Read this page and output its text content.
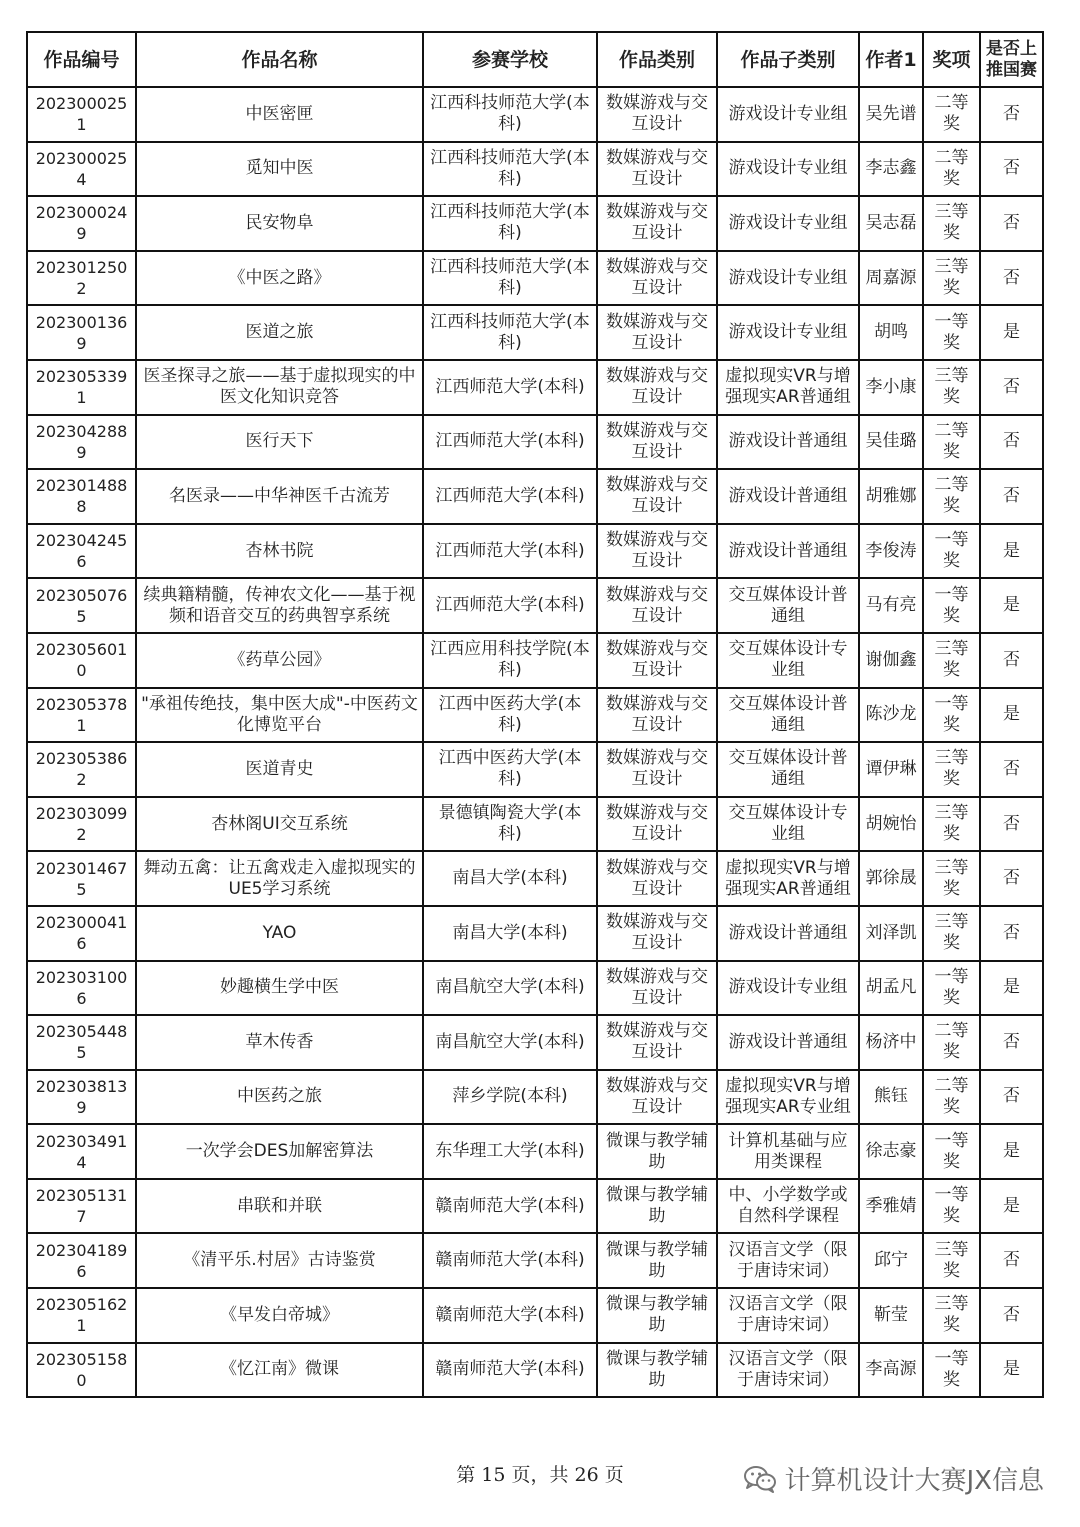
作品编号	作品名称	参赛学校	作品类别	作品子类别	作者1	奖项	是否上推国赛
2023000251	中医密匣	江西科技师范大学(本科)	数媒游戏与交互设计	游戏设计专业组	吴先谱	二等奖	否
2023000254	觅知中医	江西科技师范大学(本科)	数媒游戏与交互设计	游戏设计专业组	李志鑫	二等奖	否
2023000249	民安物阜	江西科技师范大学(本科)	数媒游戏与交互设计	游戏设计专业组	吴志磊	三等奖	否
2023012502	《中医之路》	江西科技师范大学(本科)	数媒游戏与交互设计	游戏设计专业组	周嘉源	三等奖	否
2023001369	医道之旅	江西科技师范大学(本科)	数媒游戏与交互设计	游戏设计专业组	胡鸣	一等奖	是
2023053391	医圣探寻之旅——基于虚拟现实的中医文化知识竞答	江西师范大学(本科)	数媒游戏与交互设计	虚拟现实VR与增强现实AR普通组	李小康	三等奖	否
2023042889	医行天下	江西师范大学(本科)	数媒游戏与交互设计	游戏设计普通组	吴佳璐	二等奖	否
2023014888	名医录——中华神医千古流芳	江西师范大学(本科)	数媒游戏与交互设计	游戏设计普通组	胡雅娜	二等奖	否
2023042456	杏林书院	江西师范大学(本科)	数媒游戏与交互设计	游戏设计普通组	李俊涛	一等奖	是
2023050765	续典籍精髓，传神农文化——基于视频和语音交互的药典智享系统	江西师范大学(本科)	数媒游戏与交互设计	交互媒体设计普通组	马有亮	一等奖	是
2023056010	《药草公园》	江西应用科技学院(本科)	数媒游戏与交互设计	交互媒体设计专业组	谢伽鑫	三等奖	否
2023053781	"承祖传绝技，集中医大成"-中医药文化博览平台	江西中医药大学(本科)	数媒游戏与交互设计	交互媒体设计普通组	陈沙龙	一等奖	是
2023053862	医道青史	江西中医药大学(本科)	数媒游戏与交互设计	交互媒体设计普通组	谭伊琳	三等奖	否
2023030992	杏林阁UI交互系统	景德镇陶瓷大学(本科)	数媒游戏与交互设计	交互媒体设计专业组	胡婉怡	三等奖	否
2023014675	舞动五禽：让五禽戏走入虚拟现实的UE5学习系统	南昌大学(本科)	数媒游戏与交互设计	虚拟现实VR与增强现实AR普通组	郭徐晟	三等奖	否
2023000416	YAO	南昌大学(本科)	数媒游戏与交互设计	游戏设计普通组	刘泽凯	三等奖	否
2023031006	妙趣横生学中医	南昌航空大学(本科)	数媒游戏与交互设计	游戏设计专业组	胡孟凡	一等奖	是
2023054485	草木传香	南昌航空大学(本科)	数媒游戏与交互设计	游戏设计普通组	杨济中	二等奖	否
2023038139	中医药之旅	萍乡学院(本科)	数媒游戏与交互设计	虚拟现实VR与增强现实AR专业组	熊钰	二等奖	否
2023034914	一次学会DES加解密算法	东华理工大学(本科)	微课与教学辅助	计算机基础与应用类课程	徐志豪	一等奖	是
2023051317	串联和并联	赣南师范大学(本科)	微课与教学辅助	中、小学数学或自然科学课程	季雅婧	一等奖	是
2023041896	《清平乐.村居》古诗鉴赏	赣南师范大学(本科)	微课与教学辅助	汉语言文学（限于唐诗宋词）	邱宁	三等奖	否
2023051621	《早发白帝城》	赣南师范大学(本科)	微课与教学辅助	汉语言文学（限于唐诗宋词）	靳莹	三等奖	否
2023051580	《忆江南》微课	赣南师范大学(本科)	微课与教学辅助	汉语言文学（限于唐诗宋词）	李高源	一等奖	是
第 15 页，共 26 页	计算机设计大赛JX信息
